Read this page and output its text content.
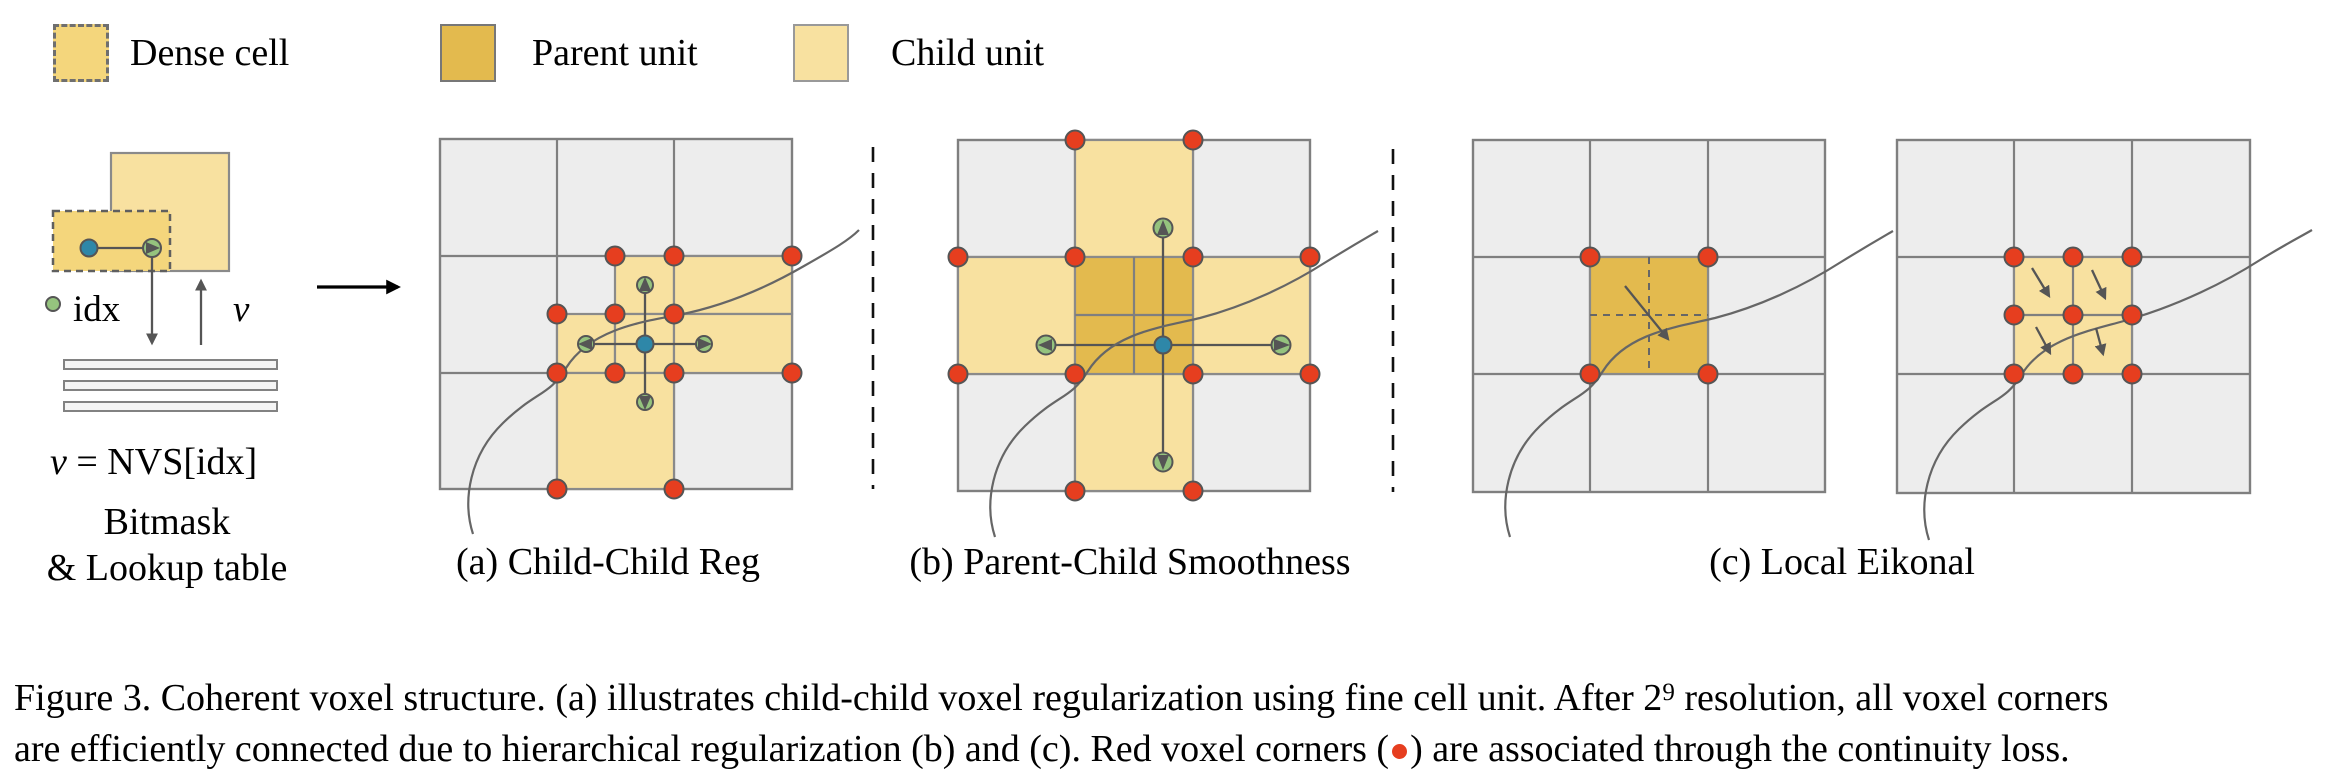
Dense cell	Parent unit	Child unit
idx	v
v = NVS[idx]
Bitmask
& Lookup table	(a) Child-Child Reg	(b) Parent-Child Smoothness	(c) Local Eikonal
Figure 3. Coherent voxel structure. (a) illustrates child-child voxel regularization using fine cell unit. After $2^9$ resolution, all voxel corners
are efficiently connected due to hierarchical regularization (b) and (c). Red voxel corners ( ) are associated through the continuity loss.
